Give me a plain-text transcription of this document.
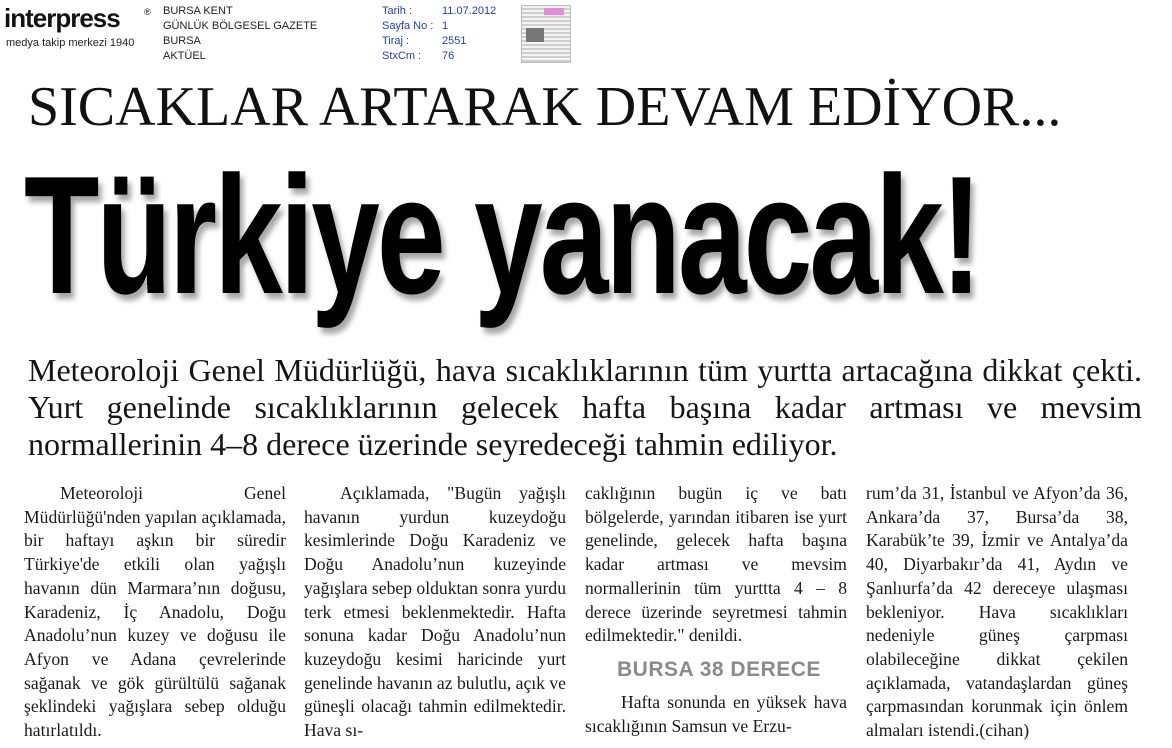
interpress	®
medya takip merkezi 1940
BURSA KENT
GÜNLÜK BÖLGESEL GAZETE
BURSA
AKTÜEL
Tarih :	11.07.2012
Sayfa No : 1
Tiraj :	2551
StxCm :	76
SICAKLAR ARTARAK DEVAM EDİYOR...
Türkiye yanacak!
Meteoroloji Genel Müdürlüğü, hava sıcaklıklarının tüm yurtta artacağına dikkat çekti. Yurt genelinde sıcaklıklarının gelecek hafta başına kadar artması ve mevsim normallerinin 4–8 derece üzerinde seyredeceği tahmin ediliyor.

Meteoroloji Genel Müdürlüğü'nden yapılan açıklamada, bir haftayı aşkın bir süredir Türkiye'de etkili olan yağışlı havanın dün Marmara’nın doğusu, Karadeniz, İç Anadolu, Doğu Anadolu’nun kuzey ve doğusu ile Afyon ve Adana çevrelerinde sağanak ve gök gürültülü sağanak şeklindeki yağışlara sebep olduğu hatırlatıldı.

Açıklamada, "Bugün yağışlı havanın yurdun kuzeydoğu kesimlerinde Doğu Karadeniz ve Doğu Anadolu’nun kuzeyinde yağışlara sebep olduktan sonra yurdu terk etmesi beklenmektedir. Hafta sonuna kadar Doğu Anadolu’nun kuzeydoğu kesimi haricinde yurt genelinde havanın az bulutlu, açık ve güneşli olacağı tahmin edilmektedir. Hava sı-

caklığının bugün iç ve batı bölgelerde, yarından itibaren ise yurt genelinde, gelecek hafta başına kadar artması ve mevsim normallerinin tüm yurttta 4 – 8 derece üzerinde seyretmesi tahmin edilmektedir." denildi.

BURSA 38 DERECE

Hafta sonunda en yüksek hava sıcaklığının Samsun ve Erzu-

rum’da 31, İstanbul ve Afyon’da 36, Ankara’da 37, Bursa’da 38, Karabük’te 39, İzmir ve Antalya’da 40, Diyarbakır’da 41, Aydın ve Şanlıurfa’da 42 dereceye ulaşması bekleniyor. Hava sıcaklıkları nedeniyle güneş çarpması olabileceğine dikkat çekilen açıklamada, vatandaşlardan güneş çarpmasından korunmak için önlem almaları istendi.(cihan)
